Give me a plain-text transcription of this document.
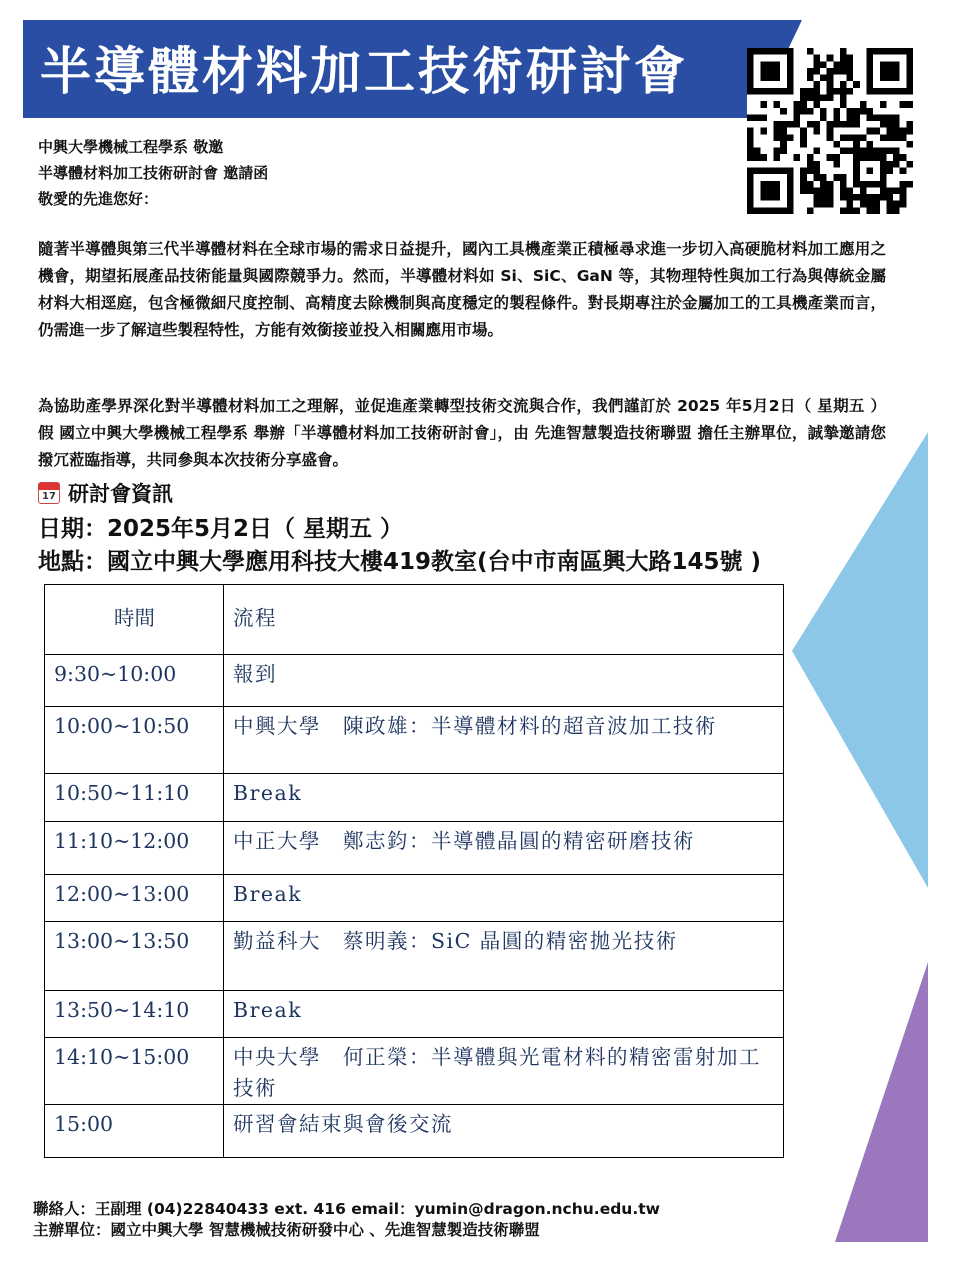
半導體材料加工技術研討會
中興大學機械工程學系 敬邀
半導體材料加工技術研討會 邀請函
敬愛的先進您好：

隨著半導體與第三代半導體材料在全球市場的需求日益提升，國內工具機產業正積極尋求進一步切入高硬脆材料加工應用之機會，期望拓展產品技術能量與國際競爭力。然而，半導體材料如 Si、SiC、GaN 等，其物理特性與加工行為與傳統金屬材料大相逕庭，包含極微細尺度控制、高精度去除機制與高度穩定的製程條件。對長期專注於金屬加工的工具機產業而言，仍需進一步了解這些製程特性，方能有效銜接並投入相關應用市場。

為協助產學界深化對半導體材料加工之理解，並促進產業轉型技術交流與合作，我們謹訂於 2025 年5月2日（ 星期五 ） 假 國立中興大學機械工程學系 舉辦「半導體材料加工技術研討會」，由 先進智慧製造技術聯盟 擔任主辦單位，誠摯邀請您撥冗蒞臨指導，共同參與本次技術分享盛會。

17 研討會資訊
日期：2025年5月2日（ 星期五 ）
地點：國立中興大學應用科技大樓419教室(台中市南區興大路145號 )
時間	流程
9:30~10:00	報到
10:00~10:50	中興大學　陳政雄：半導體材料的超音波加工技術
10:50~11:10	Break
11:10~12:00	中正大學　鄭志鈞：半導體晶圓的精密研磨技術
12:00~13:00	Break
13:00~13:50	勤益科大　蔡明義：SiC 晶圓的精密拋光技術
13:50~14:10	Break
14:10~15:00	中央大學　何正榮：半導體與光電材料的精密雷射加工技術
15:00	研習會結束與會後交流
聯絡人：王副理 (04)22840433 ext. 416 email：yumin@dragon.nchu.edu.tw
主辦單位：國立中興大學 智慧機械技術研發中心 、先進智慧製造技術聯盟
